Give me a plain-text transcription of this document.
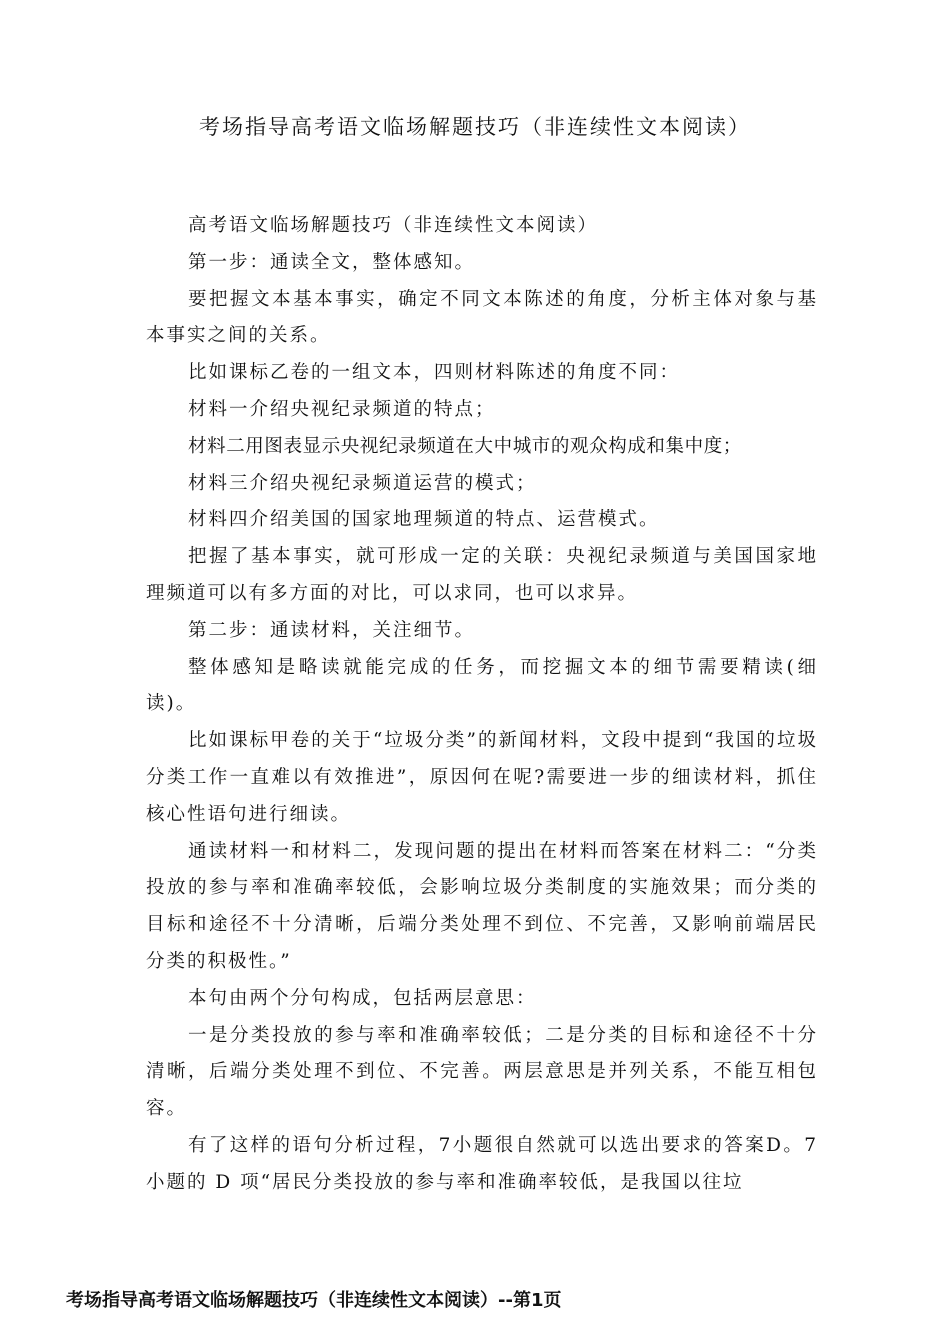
考场指导高考语文临场解题技巧（非连续性文本阅读）

高考语文临场解题技巧（非连续性文本阅读）

第一步：通读全文，整体感知。

要把握文本基本事实，确定不同文本陈述的角度，分析主体对象与基本事实之间的关系。

比如课标乙卷的一组文本，四则材料陈述的角度不同：

材料一介绍央视纪录频道的特点；

材料二用图表显示央视纪录频道在大中城市的观众构成和集中度；

材料三介绍央视纪录频道运营的模式；

材料四介绍美国的国家地理频道的特点、运营模式。

把握了基本事实，就可形成一定的关联：央视纪录频道与美国国家地理频道可以有多方面的对比，可以求同，也可以求异。

第二步：通读材料，关注细节。

整体感知是略读就能完成的任务，而挖掘文本的细节需要精读(细读)。

比如课标甲卷的关于“垃圾分类”的新闻材料，文段中提到“我国的垃圾分类工作一直难以有效推进”，原因何在呢?需要进一步的细读材料，抓住核心性语句进行细读。

通读材料一和材料二，发现问题的提出在材料而答案在材料二：“分类投放的参与率和准确率较低，会影响垃圾分类制度的实施效果；而分类的目标和途径不十分清晰，后端分类处理不到位、不完善，又影响前端居民分类的积极性。”

本句由两个分句构成，包括两层意思：

一是分类投放的参与率和准确率较低；二是分类的目标和途径不十分清晰，后端分类处理不到位、不完善。两层意思是并列关系，不能互相包容。

有了这样的语句分析过程，7小题很自然就可以选出要求的答案D。7 小题的 D 项“居民分类投放的参与率和准确率较低，是我国以往垃

考场指导高考语文临场解题技巧（非连续性文本阅读）--第1页
